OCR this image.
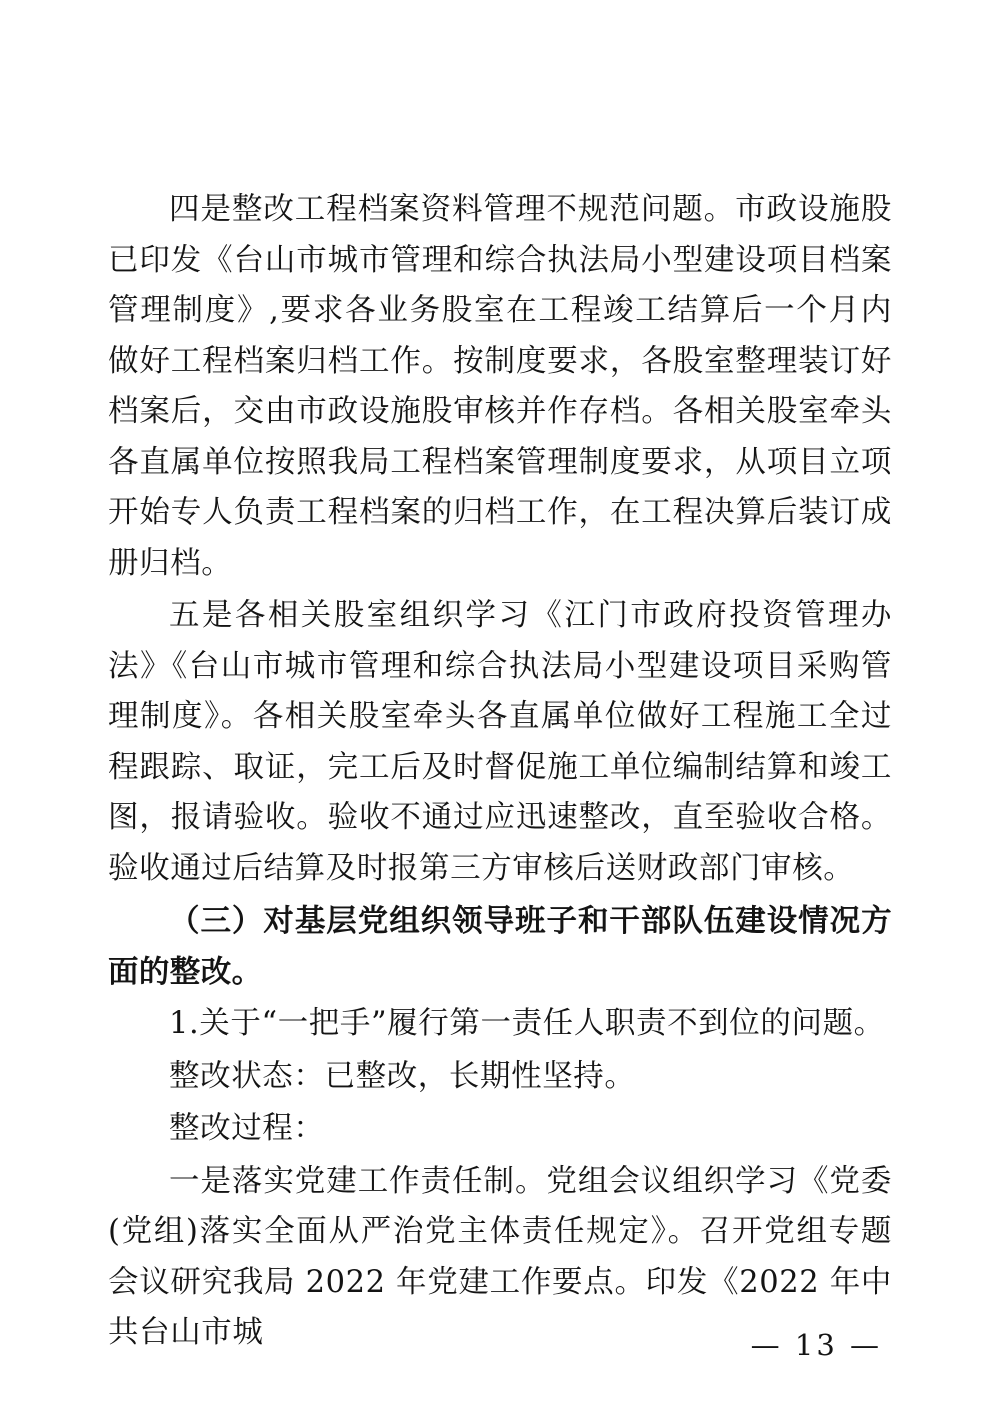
四是整改工程档案资料管理不规范问题。市政设施股已印发《台山市城市管理和综合执法局小型建设项目档案管理制度》,要求各业务股室在工程竣工结算后一个月内做好工程档案归档工作。按制度要求，各股室整理装订好档案后，交由市政设施股审核并作存档。各相关股室牵头各直属单位按照我局工程档案管理制度要求，从项目立项开始专人负责工程档案的归档工作，在工程决算后装订成册归档。

五是各相关股室组织学习《江门市政府投资管理办法》《台山市城市管理和综合执法局小型建设项目采购管理制度》。各相关股室牵头各直属单位做好工程施工全过程跟踪、取证，完工后及时督促施工单位编制结算和竣工图，报请验收。验收不通过应迅速整改，直至验收合格。验收通过后结算及时报第三方审核后送财政部门审核。

（三）对基层党组织领导班子和干部队伍建设情况方面的整改。

1.关于“一把手”履行第一责任人职责不到位的问题。

整改状态：已整改，长期性坚持。

整改过程：

一是落实党建工作责任制。党组会议组织学习《党委(党组)落实全面从严治党主体责任规定》。召开党组专题会议研究我局 2022 年党建工作要点。印发《2022 年中共台山市城	— 13 —
